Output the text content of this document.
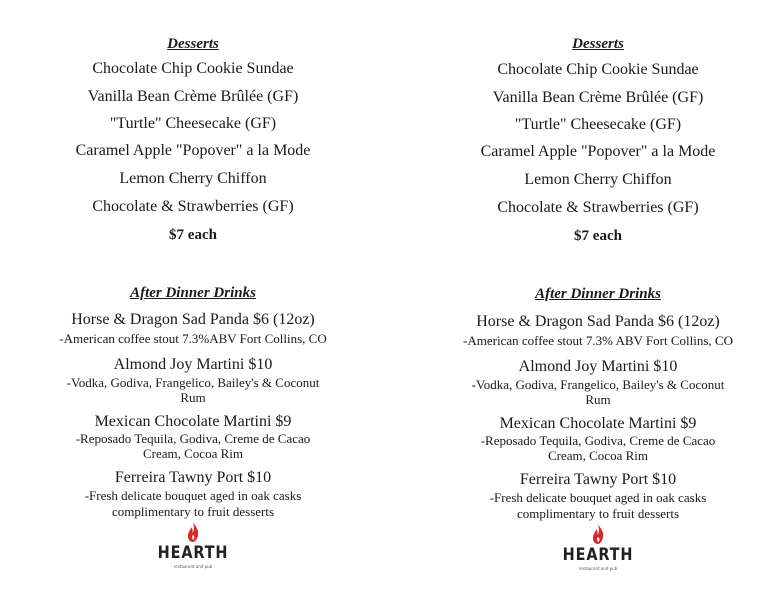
Desserts
Chocolate Chip Cookie Sundae
Vanilla Bean Crème Brûlée (GF)
"Turtle" Cheesecake (GF)
Caramel Apple "Popover" a la Mode
Lemon Cherry Chiffon
Chocolate & Strawberries (GF)
$7 each
After Dinner Drinks
Horse & Dragon Sad Panda $6 (12oz)
-American coffee stout 7.3%ABV Fort Collins, CO
Almond Joy Martini $10
-Vodka, Godiva, Frangelico, Bailey's & Coconut
Rum
Mexican Chocolate Martini $9
-Reposado Tequila, Godiva, Creme de Cacao
Cream, Cocoa Rim
Ferreira Tawny Port $10
-Fresh delicate bouquet aged in oak casks
complimentary to fruit desserts
HEARTH
restaurant and pub
Desserts
Chocolate Chip Cookie Sundae
Vanilla Bean Crème Brûlée (GF)
"Turtle" Cheesecake (GF)
Caramel Apple "Popover" a la Mode
Lemon Cherry Chiffon
Chocolate & Strawberries (GF)
$7 each
After Dinner Drinks
Horse & Dragon Sad Panda $6 (12oz)
-American coffee stout 7.3% ABV Fort Collins, CO
Almond Joy Martini $10
-Vodka, Godiva, Frangelico, Bailey's & Coconut
Rum
Mexican Chocolate Martini $9
-Reposado Tequila, Godiva, Creme de Cacao
Cream, Cocoa Rim
Ferreira Tawny Port $10
-Fresh delicate bouquet aged in oak casks
complimentary to fruit desserts
HEARTH
restaurant and pub
